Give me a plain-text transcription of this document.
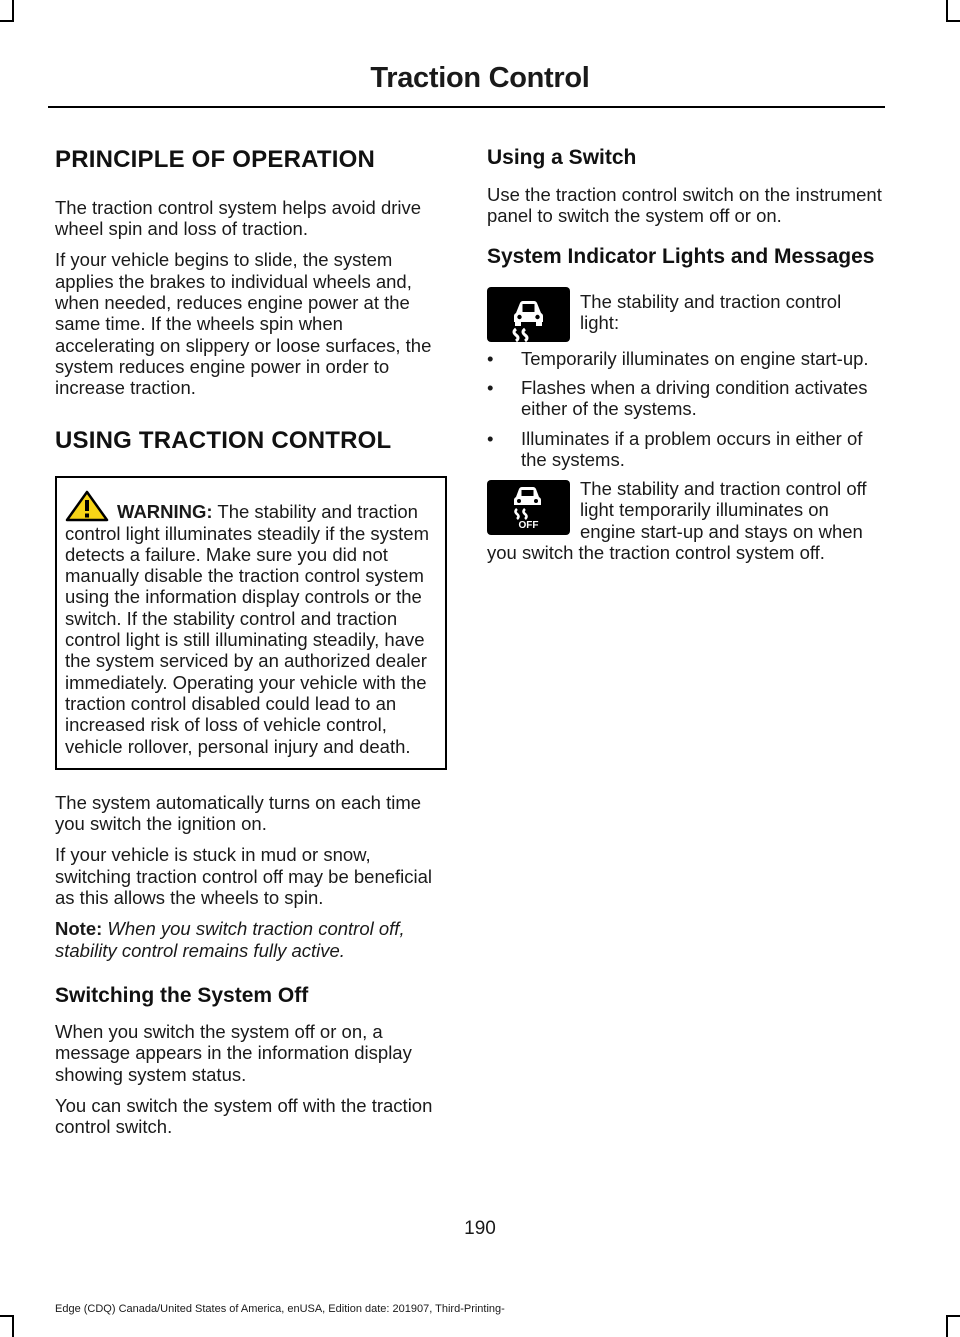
Traction Control
PRINCIPLE OF OPERATION

The traction control system helps avoid drive wheel spin and loss of traction.

If your vehicle begins to slide, the system applies the brakes to individual wheels and, when needed, reduces engine power at the same time. If the wheels spin when accelerating on slippery or loose surfaces, the system reduces engine power in order to increase traction.

USING TRACTION CONTROL
WARNING: The stability and traction control light illuminates steadily if the system detects a failure. Make sure you did not manually disable the traction control system using the information display controls or the switch. If the stability control and traction control light is still illuminating steadily, have the system serviced by an authorized dealer immediately. Operating your vehicle with the traction control disabled could lead to an increased risk of loss of vehicle control, vehicle rollover, personal injury and death.

The system automatically turns on each time you switch the ignition on.

If your vehicle is stuck in mud or snow, switching traction control off may be beneficial as this allows the wheels to spin.

Note: When you switch traction control off, stability control remains fully active.

Switching the System Off

When you switch the system off or on, a message appears in the information display showing system status.

You can switch the system off with the traction control switch.

Using a Switch

Use the traction control switch on the instrument panel to switch the system off or on.

System Indicator Lights and Messages

The stability and traction control light:

• Temporarily illuminates on engine start-up.
• Flashes when a driving condition activates either of the systems.
• Illuminates if a problem occurs in either of the systems.
OFF

The stability and traction control off light temporarily illuminates on engine start-up and stays on when you switch the traction control system off.

190
Edge (CDQ) Canada/United States of America, enUSA, Edition date: 201907, Third-Printing-
